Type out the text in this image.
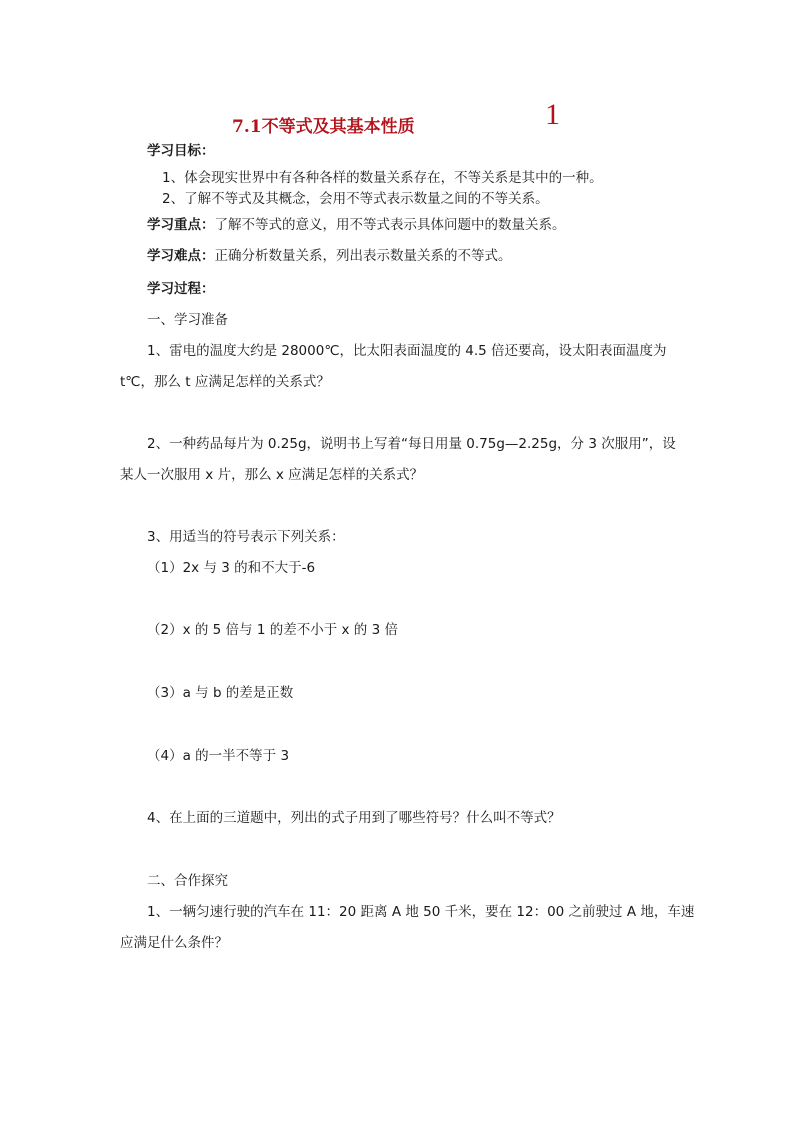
7.1不等式及其基本性质	1
学习目标：
1、体会现实世界中有各种各样的数量关系存在，不等关系是其中的一种。
2、了解不等式及其概念，会用不等式表示数量之间的不等关系。
学习重点：了解不等式的意义，用不等式表示具体问题中的数量关系。
学习难点：正确分析数量关系，列出表示数量关系的不等式。
学习过程：
一、学习准备
1、雷电的温度大约是 28000℃，比太阳表面温度的 4.5 倍还要高，设太阳表面温度为
t℃，那么 t 应满足怎样的关系式？
2、一种药品每片为 0.25g，说明书上写着“每日用量 0.75g—2.25g，分 3 次服用”，设
某人一次服用 x 片，那么 x 应满足怎样的关系式？
3、用适当的符号表示下列关系：
（1）2x 与 3 的和不大于-6
（2）x 的 5 倍与 1 的差不小于 x 的 3 倍
（3）a 与 b 的差是正数
（4）a 的一半不等于 3
4、在上面的三道题中，列出的式子用到了哪些符号？什么叫不等式？
二、合作探究
1、一辆匀速行驶的汽车在 11：20 距离 A 地 50 千米，要在 12：00 之前驶过 A 地，车速
应满足什么条件？
